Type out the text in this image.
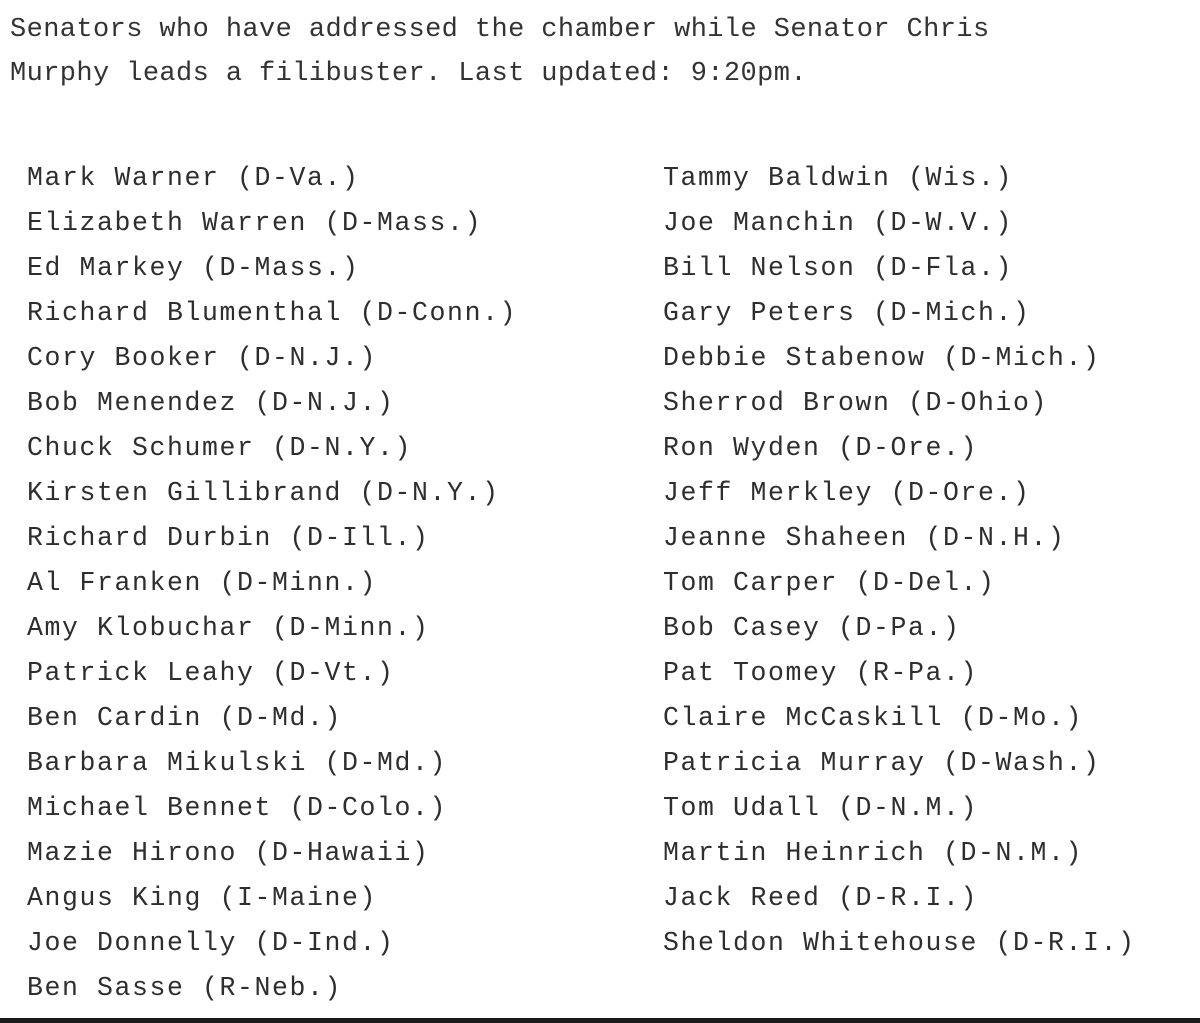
Senators who have addressed the chamber while Senator Chris
Murphy leads a filibuster. Last updated: 9:20pm.
Mark Warner (D-Va.)
Elizabeth Warren (D-Mass.)
Ed Markey (D-Mass.)
Richard Blumenthal (D-Conn.)
Cory Booker (D-N.J.)
Bob Menendez (D-N.J.)
Chuck Schumer (D-N.Y.)
Kirsten Gillibrand (D-N.Y.)
Richard Durbin (D-Ill.)
Al Franken (D-Minn.)
Amy Klobuchar (D-Minn.)
Patrick Leahy (D-Vt.)
Ben Cardin (D-Md.)
Barbara Mikulski (D-Md.)
Michael Bennet (D-Colo.)
Mazie Hirono (D-Hawaii)
Angus King (I-Maine)
Joe Donnelly (D-Ind.)
Ben Sasse (R-Neb.)
Tammy Baldwin (Wis.)
Joe Manchin (D-W.V.)
Bill Nelson (D-Fla.)
Gary Peters (D-Mich.)
Debbie Stabenow (D-Mich.)
Sherrod Brown (D-Ohio)
Ron Wyden (D-Ore.)
Jeff Merkley (D-Ore.)
Jeanne Shaheen (D-N.H.)
Tom Carper (D-Del.)
Bob Casey (D-Pa.)
Pat Toomey (R-Pa.)
Claire McCaskill (D-Mo.)
Patricia Murray (D-Wash.)
Tom Udall (D-N.M.)
Martin Heinrich (D-N.M.)
Jack Reed (D-R.I.)
Sheldon Whitehouse (D-R.I.)
